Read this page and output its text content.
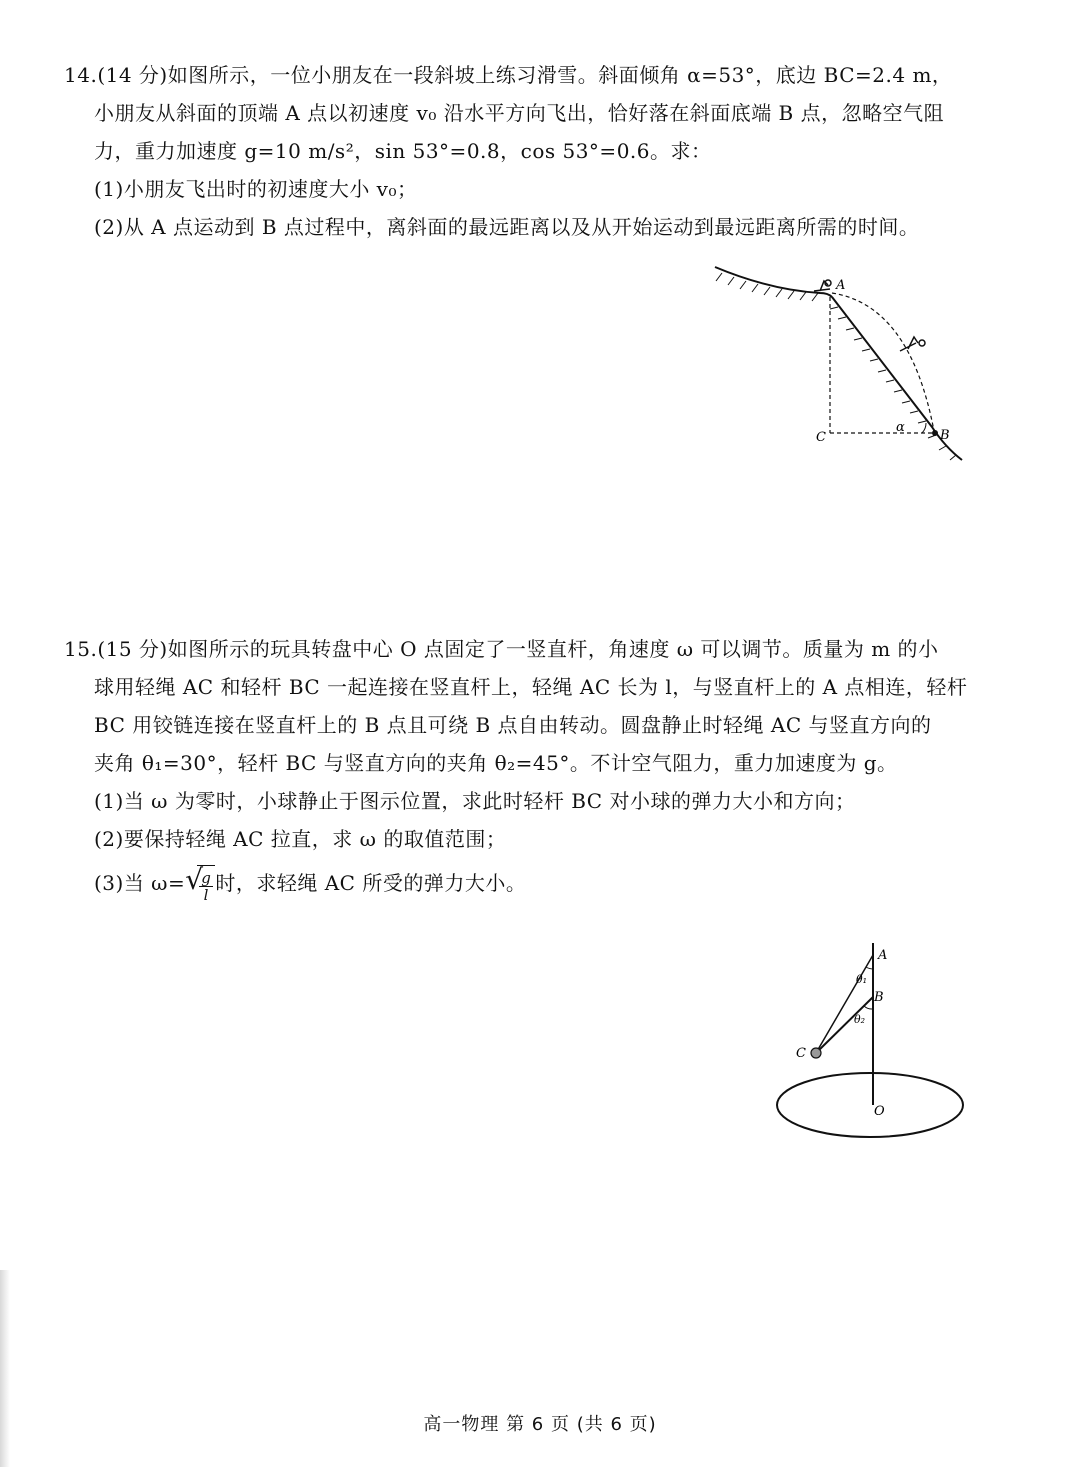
14.(14 分)如图所示，一位小朋友在一段斜坡上练习滑雪。斜面倾角 α=53°，底边 BC=2.4 m，
小朋友从斜面的顶端 A 点以初速度 v₀ 沿水平方向飞出，恰好落在斜面底端 B 点，忽略空气阻
力，重力加速度 g=10 m/s²，sin 53°=0.8，cos 53°=0.6。求：
(1)小朋友飞出时的初速度大小 v₀；
(2)从 A 点运动到 B 点过程中，离斜面的最远距离以及从开始运动到最远距离所需的时间。
A
B
C
α
15.(15 分)如图所示的玩具转盘中心 O 点固定了一竖直杆，角速度 ω 可以调节。质量为 m 的小
球用轻绳 AC 和轻杆 BC 一起连接在竖直杆上，轻绳 AC 长为 l，与竖直杆上的 A 点相连，轻杆
BC 用铰链连接在竖直杆上的 B 点且可绕 B 点自由转动。圆盘静止时轻绳 AC 与竖直方向的
夹角 θ₁=30°，轻杆 BC 与竖直方向的夹角 θ₂=45°。不计空气阻力，重力加速度为 g。
(1)当 ω 为零时，小球静止于图示位置，求此时轻杆 BC 对小球的弹力大小和方向；
(2)要保持轻绳 AC 拉直，求 ω 的取值范围；
(3)当 ω= √
$\frac{g}{l}$ 时，求轻绳 AC 所受的弹力大小。
A
B
C
O
θ₁
θ₂
高一物理 第 6 页 (共 6 页)
